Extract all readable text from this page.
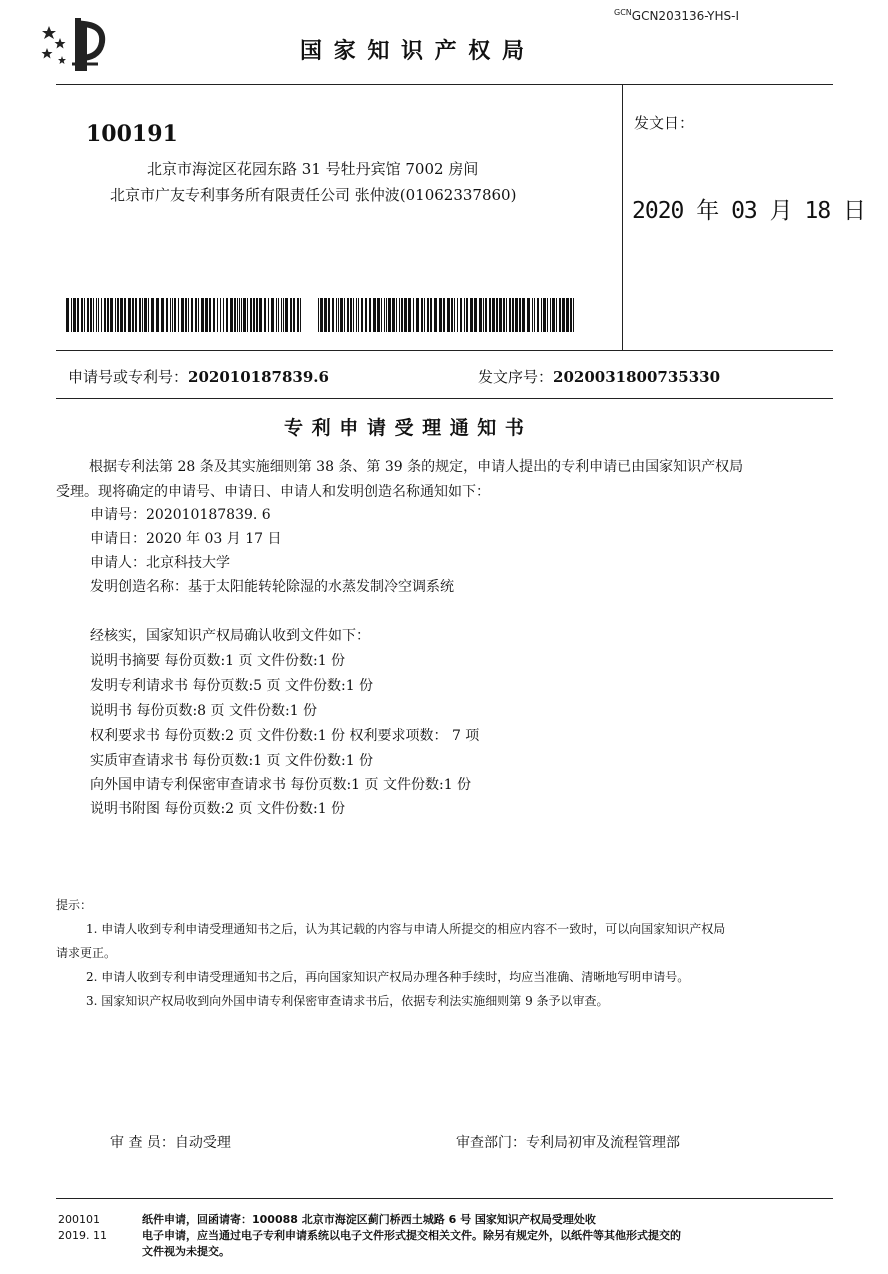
$^{GCN}$GCN203136-YHS-I
国 家 知 识 产 权 局
100191
北京市海淀区花园东路 31 号牡丹宾馆 7002 房间
北京市广友专利事务所有限责任公司 张仲波(01062337860)
发文日：
2020 年 03 月 18 日
申请号或专利号：202010187839.6	发文序号：2020031800735330
专 利 申 请 受 理 通 知 书
根据专利法第 28 条及其实施细则第 38 条、第 39 条的规定，申请人提出的专利申请已由国家知识产权局
受理。现将确定的申请号、申请日、申请人和发明创造名称通知如下：
申请号：202010187839. 6
申请日：2020 年 03 月 17 日
申请人：北京科技大学
发明创造名称：基于太阳能转轮除湿的水蒸发制冷空调系统
经核实，国家知识产权局确认收到文件如下：
说明书摘要 每份页数:1 页 文件份数:1 份
发明专利请求书 每份页数:5 页 文件份数:1 份
说明书 每份页数:8 页 文件份数:1 份
权利要求书 每份页数:2 页 文件份数:1 份 权利要求项数： 7 项
实质审查请求书 每份页数:1 页 文件份数:1 份
向外国申请专利保密审查请求书 每份页数:1 页 文件份数:1 份
说明书附图 每份页数:2 页 文件份数:1 份
提示：
1. 申请人收到专利申请受理通知书之后，认为其记载的内容与申请人所提交的相应内容不一致时，可以向国家知识产权局
请求更正。
2. 申请人收到专利申请受理通知书之后，再向国家知识产权局办理各种手续时，均应当准确、清晰地写明申请号。
3. 国家知识产权局收到向外国申请专利保密审查请求书后，依据专利法实施细则第 9 条予以审查。
审 查 员：自动受理	审查部门：专利局初审及流程管理部
200101
2019. 11
纸件申请，回函请寄：100088 北京市海淀区蓟门桥西土城路 6 号 国家知识产权局受理处收
电子申请，应当通过电子专利申请系统以电子文件形式提交相关文件。除另有规定外，以纸件等其他形式提交的
文件视为未提交。
